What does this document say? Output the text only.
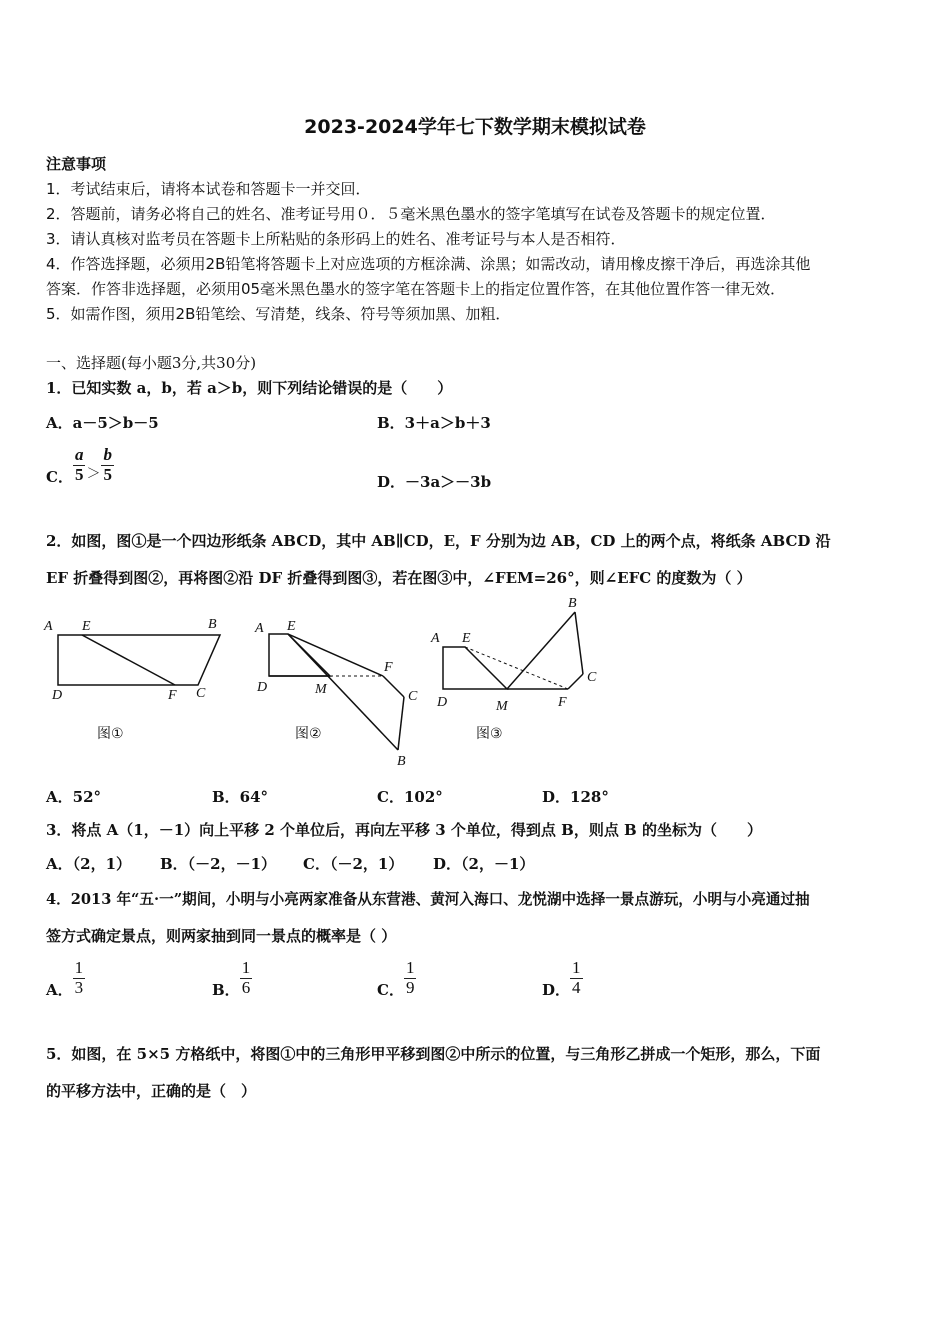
2023-2024学年七下数学期末模拟试卷
注意事项
1．考试结束后，请将本试卷和答题卡一并交回．
2．答题前，请务必将自己的姓名、准考证号用０．５毫米黑色墨水的签字笔填写在试卷及答题卡的规定位置．
3．请认真核对监考员在答题卡上所粘贴的条形码上的姓名、准考证号与本人是否相符．
4．作答选择题，必须用2B铅笔将答题卡上对应选项的方框涂满、涂黑；如需改动，请用橡皮擦干净后，再选涂其他
答案．作答非选择题，必须用05毫米黑色墨水的签字笔在答题卡上的指定位置作答，在其他位置作答一律无效．
5．如需作图，须用2B铅笔绘、写清楚，线条、符号等须加黑、加粗．
一、选择题(每小题3分,共30分)
1．已知实数 a，b，若 a＞b，则下列结论错误的是（　　）
A．a－5＞b－5	B．3＋a＞b＋3
C． $\frac{a}{5} > \frac{b}{5}$	D．－3a＞－3b
2．如图，图①是一个四边形纸条 ABCD，其中 AB∥CD，E，F 分别为边 AB，CD 上的两个点，将纸条 ABCD 沿
EF 折叠得到图②，再将图②沿 DF 折叠得到图③，若在图③中，∠FEM=26°，则∠EFC 的度数为（ ）
A E	B
D	F C
图①
A E
D	M
F
C
B
图②
A E
B
C
D	M	F
图③
A．52°	B．64°	C．102°	D．128°
3．将点 A（1，－1）向上平移 2 个单位后，再向左平移 3 个单位，得到点 B，则点 B 的坐标为（　　）
A．（2，1） B．（－2，－1） C．（－2，1） D．（2，－1）
4．2013 年“五·一”期间，小明与小亮两家准备从东营港、黄河入海口、龙悦湖中选择一景点游玩，小明与小亮通过抽
签方式确定景点，则两家抽到同一景点的概率是（ ）
A． $\frac{1}{3}$	B． $\frac{1}{6}$	C． $\frac{1}{9}$	D． $\frac{1}{4}$
5．如图，在 5×5 方格纸中，将图①中的三角形甲平移到图②中所示的位置，与三角形乙拼成一个矩形，那么，下面
的平移方法中，正确的是（　）
